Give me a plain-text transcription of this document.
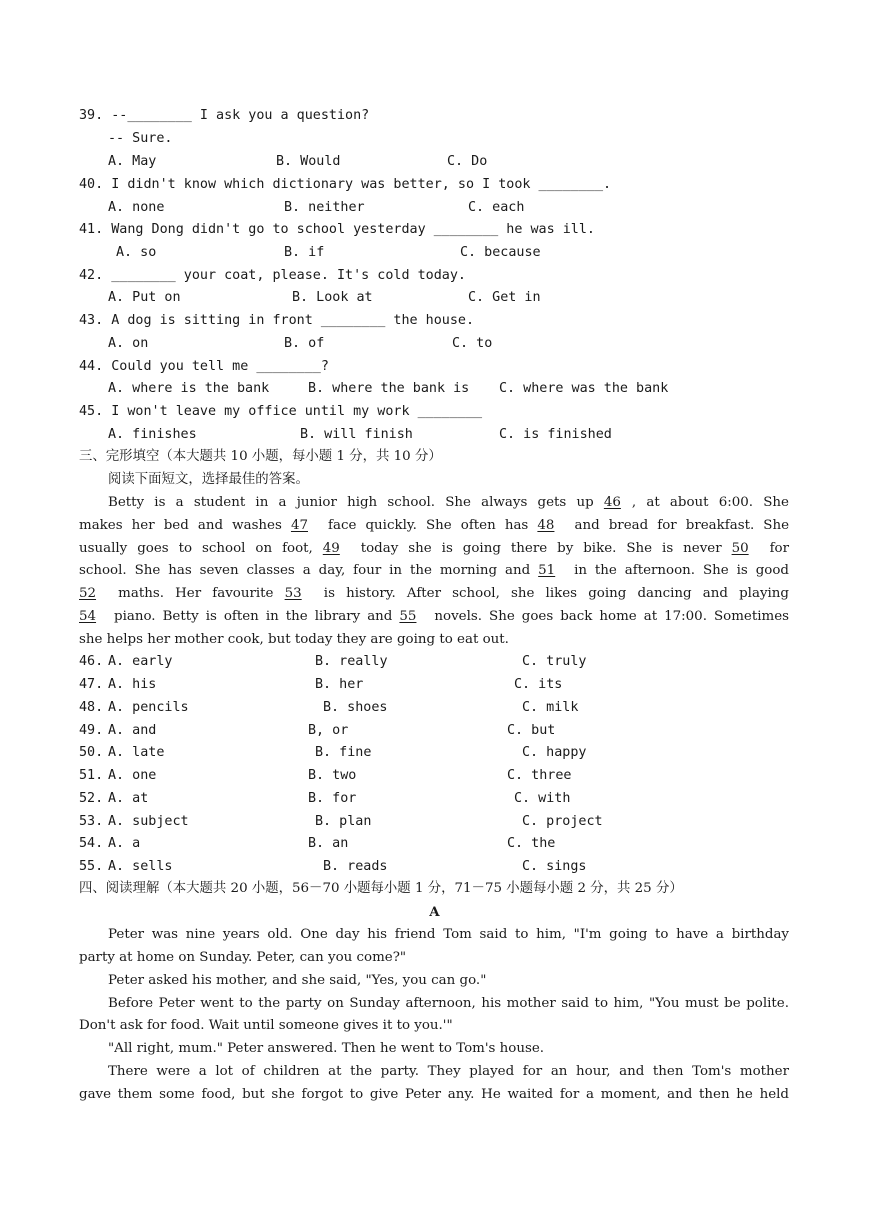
39. --________ I ask you a question?
-- Sure.
A. May	B. Would	C. Do
40. I didn't know which dictionary was better, so I took ________.
A. none	B. neither	C. each
41. Wang Dong didn't go to school yesterday ________ he was ill.
A. so	B. if	C. because
42. ________ your coat, please. It's cold today.
A. Put on	B. Look at	C. Get in
43. A dog is sitting in front ________ the house.
A. on	B. of	C. to
44. Could you tell me ________?
A. where is the bank	B. where the bank is C. where was the bank
45. I won't leave my office until my work ________
A. finishes	B. will finish	C. is finished
三、完形填空（本大题共 10 小题，每小题 1 分，共 10 分）
阅读下面短文，选择最佳的答案。
Betty is a student in a junior high school. She always gets up 46 , at about 6:00. She
makes her bed and washes 47 face quickly. She often has 48 and bread for breakfast. She
usually goes to school on foot, 49 today she is going there by bike. She is never 50 for
school. She has seven classes a day, four in the morning and 51 in the afternoon. She is good
52 maths. Her favourite 53 is history. After school, she likes going dancing and playing
54 piano. Betty is often in the library and 55 novels. She goes back home at 17:00. Sometimes
she helps her mother cook, but today they are going to eat out.
46. A. early	B. really	C. truly
47. A. his	B. her	C. its
48. A. pencils	B. shoes	C. milk
49. A. and	B, or	C. but
50. A. late	B. fine	C. happy
51. A. one	B. two	C. three
52. A. at	B. for	C. with
53. A. subject	B. plan	C. project
54. A. a	B. an	C. the
55. A. sells	B. reads	C. sings
四、阅读理解（本大题共 20 小题，56－70 小题每小题 1 分，71－75 小题每小题 2 分，共 25 分）
A
Peter was nine years old. One day his friend Tom said to him, "I'm going to have a birthday
party at home on Sunday. Peter, can you come?"
Peter asked his mother, and she said, "Yes, you can go."
Before Peter went to the party on Sunday afternoon, his mother said to him, "You must be polite.
Don't ask for food. Wait until someone gives it to you.'"
"All right, mum." Peter answered. Then he went to Tom's house.
There were a lot of children at the party. They played for an hour, and then Tom's mother
gave them some food, but she forgot to give Peter any. He waited for a moment, and then he held
